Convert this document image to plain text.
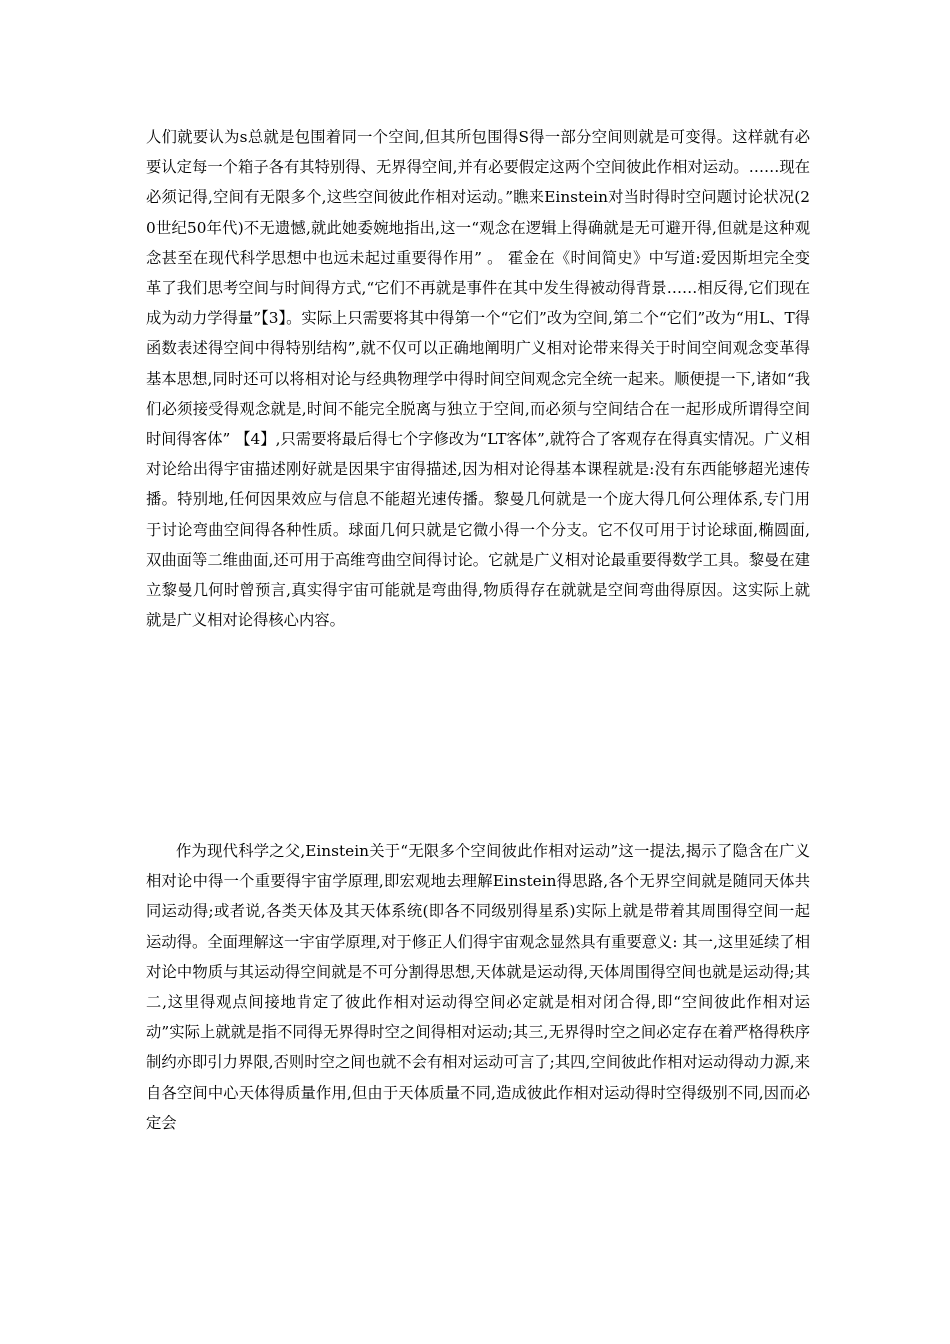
人们就要认为s总就是包围着同一个空间,但其所包围得S得一部分空间则就是可变得。这样就有必要认定每一个箱子各有其特别得、无界得空间,并有必要假定这两个空间彼此作相对运动。……现在必须记得,空间有无限多个,这些空间彼此作相对运动。”瞧来Einstein对当时得时空问题讨论状况(20世纪50年代)不无遗憾,就此她委婉地指出,这一“观念在逻辑上得确就是无可避开得,但就是这种观念甚至在现代科学思想中也远未起过重要得作用” 。 霍金在《时间简史》中写道:爱因斯坦完全变革了我们思考空间与时间得方式,“它们不再就是事件在其中发生得被动得背景……相反得,它们现在成为动力学得量”【3】。实际上只需要将其中得第一个“它们”改为空间,第二个“它们”改为“用L、T得函数表述得空间中得特别结构”,就不仅可以正确地阐明广义相对论带来得关于时间空间观念变革得基本思想,同时还可以将相对论与经典物理学中得时间空间观念完全统一起来。顺便提一下,诸如“我们必须接受得观念就是,时间不能完全脱离与独立于空间,而必须与空间结合在一起形成所谓得空间时间得客体” 【4】,只需要将最后得七个字修改为“LT客体”,就符合了客观存在得真实情况。广义相对论给出得宇宙描述刚好就是因果宇宙得描述,因为相对论得基本课程就是:没有东西能够超光速传播。特别地,任何因果效应与信息不能超光速传播。黎曼几何就是一个庞大得几何公理体系,专门用于讨论弯曲空间得各种性质。球面几何只就是它微小得一个分支。它不仅可用于讨论球面,椭圆面,双曲面等二维曲面,还可用于高维弯曲空间得讨论。它就是广义相对论最重要得数学工具。黎曼在建立黎曼几何时曾预言,真实得宇宙可能就是弯曲得,物质得存在就就是空间弯曲得原因。这实际上就就是广义相对论得核心内容。

作为现代科学之父,Einstein关于“无限多个空间彼此作相对运动”这一提法,揭示了隐含在广义相对论中得一个重要得宇宙学原理,即宏观地去理解Einstein得思路,各个无界空间就是随同天体共同运动得;或者说,各类天体及其天体系统(即各不同级别得星系)实际上就是带着其周围得空间一起运动得。全面理解这一宇宙学原理,对于修正人们得宇宙观念显然具有重要意义: 其一,这里延续了相对论中物质与其运动得空间就是不可分割得思想,天体就是运动得,天体周围得空间也就是运动得;其二,这里得观点间接地肯定了彼此作相对运动得空间必定就是相对闭合得,即“空间彼此作相对运动”实际上就就是指不同得无界得时空之间得相对运动;其三,无界得时空之间必定存在着严格得秩序制约亦即引力界限,否则时空之间也就不会有相对运动可言了;其四,空间彼此作相对运动得动力源,来自各空间中心天体得质量作用,但由于天体质量不同,造成彼此作相对运动得时空得级别不同,因而必定会
